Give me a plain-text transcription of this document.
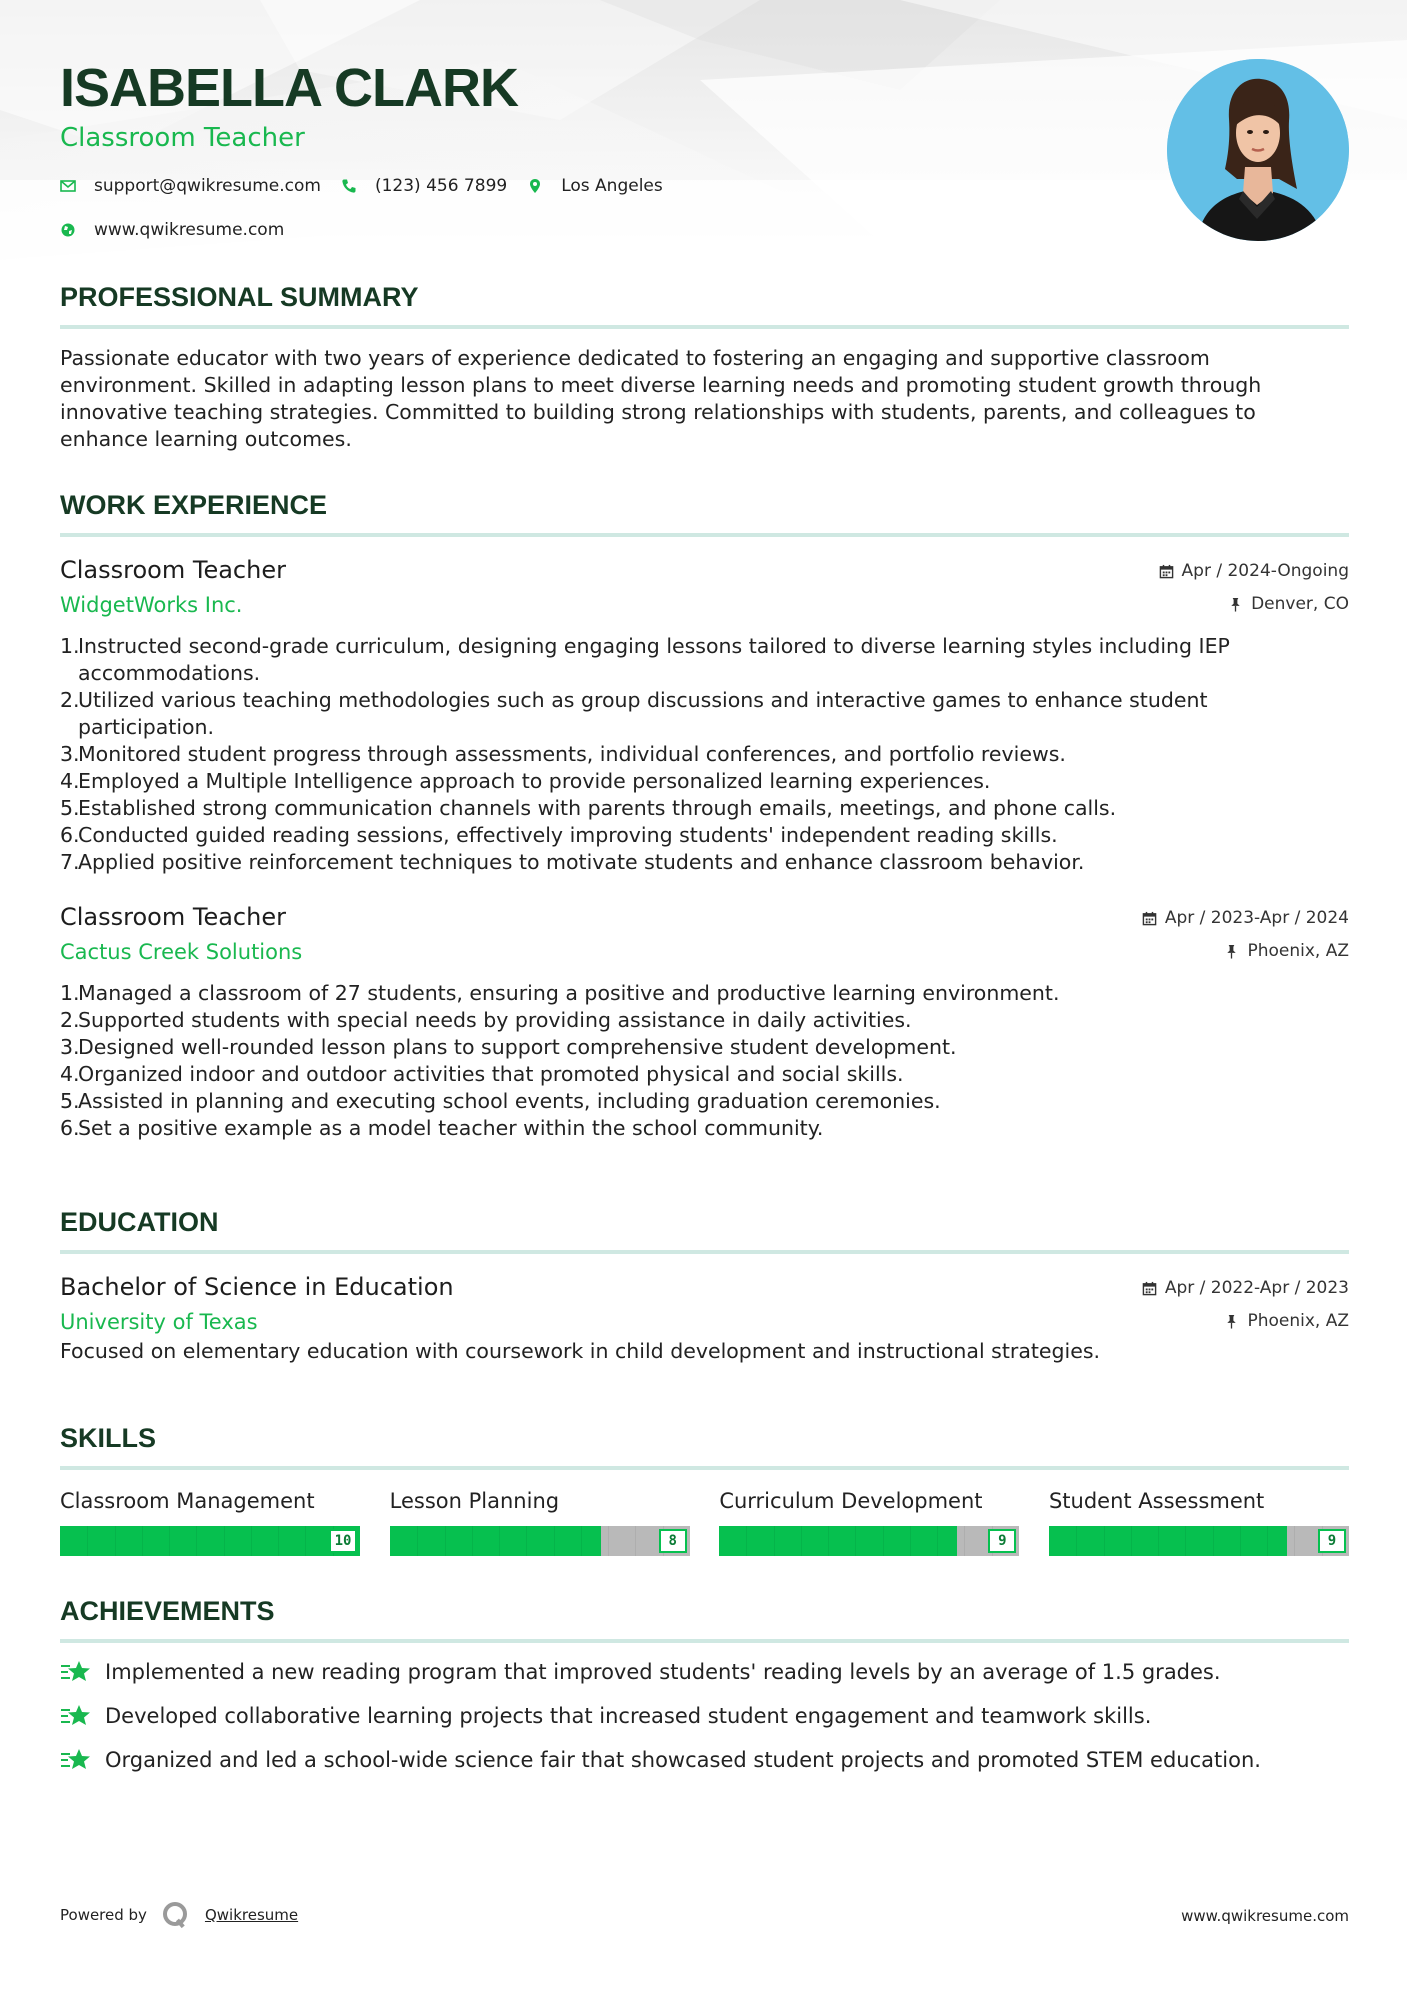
ISABELLA CLARK
Classroom Teacher
support@qwikresume.com	(123) 456 7899	Los Angeles
www.qwikresume.com
PROFESSIONAL SUMMARY
Passionate educator with two years of experience dedicated to fostering an engaging and supportive classroom environment. Skilled in adapting lesson plans to meet diverse learning needs and promoting student growth through innovative teaching strategies. Committed to building strong relationships with students, parents, and colleagues to enhance learning outcomes.
WORK EXPERIENCE
Classroom Teacher
WidgetWorks Inc.
Apr / 2024-Ongoing
Denver, CO
1.
Instructed second-grade curriculum, designing engaging lessons tailored to diverse learning styles including IEP accommodations.
2.
Utilized various teaching methodologies such as group discussions and interactive games to enhance student participation.
3.
Monitored student progress through assessments, individual conferences, and portfolio reviews.
4.
Employed a Multiple Intelligence approach to provide personalized learning experiences.
5.
Established strong communication channels with parents through emails, meetings, and phone calls.
6.
Conducted guided reading sessions, effectively improving students' independent reading skills.
7.
Applied positive reinforcement techniques to motivate students and enhance classroom behavior.
Classroom Teacher
Cactus Creek Solutions
Apr / 2023-Apr / 2024
Phoenix, AZ
1.
Managed a classroom of 27 students, ensuring a positive and productive learning environment.
2.
Supported students with special needs by providing assistance in daily activities.
3.
Designed well-rounded lesson plans to support comprehensive student development.
4.
Organized indoor and outdoor activities that promoted physical and social skills.
5.
Assisted in planning and executing school events, including graduation ceremonies.
6.
Set a positive example as a model teacher within the school community.
EDUCATION
Bachelor of Science in Education
University of Texas
Apr / 2022-Apr / 2023
Phoenix, AZ
Focused on elementary education with coursework in child development and instructional strategies.
SKILLS
Classroom Management
10
Lesson Planning
8
Curriculum Development
9
Student Assessment
9
ACHIEVEMENTS
Implemented a new reading program that improved students' reading levels by an average of 1.5 grades.
Developed collaborative learning projects that increased student engagement and teamwork skills.
Organized and led a school-wide science fair that showcased student projects and promoted STEM education.
Powered by	Qwikresume	www.qwikresume.com
